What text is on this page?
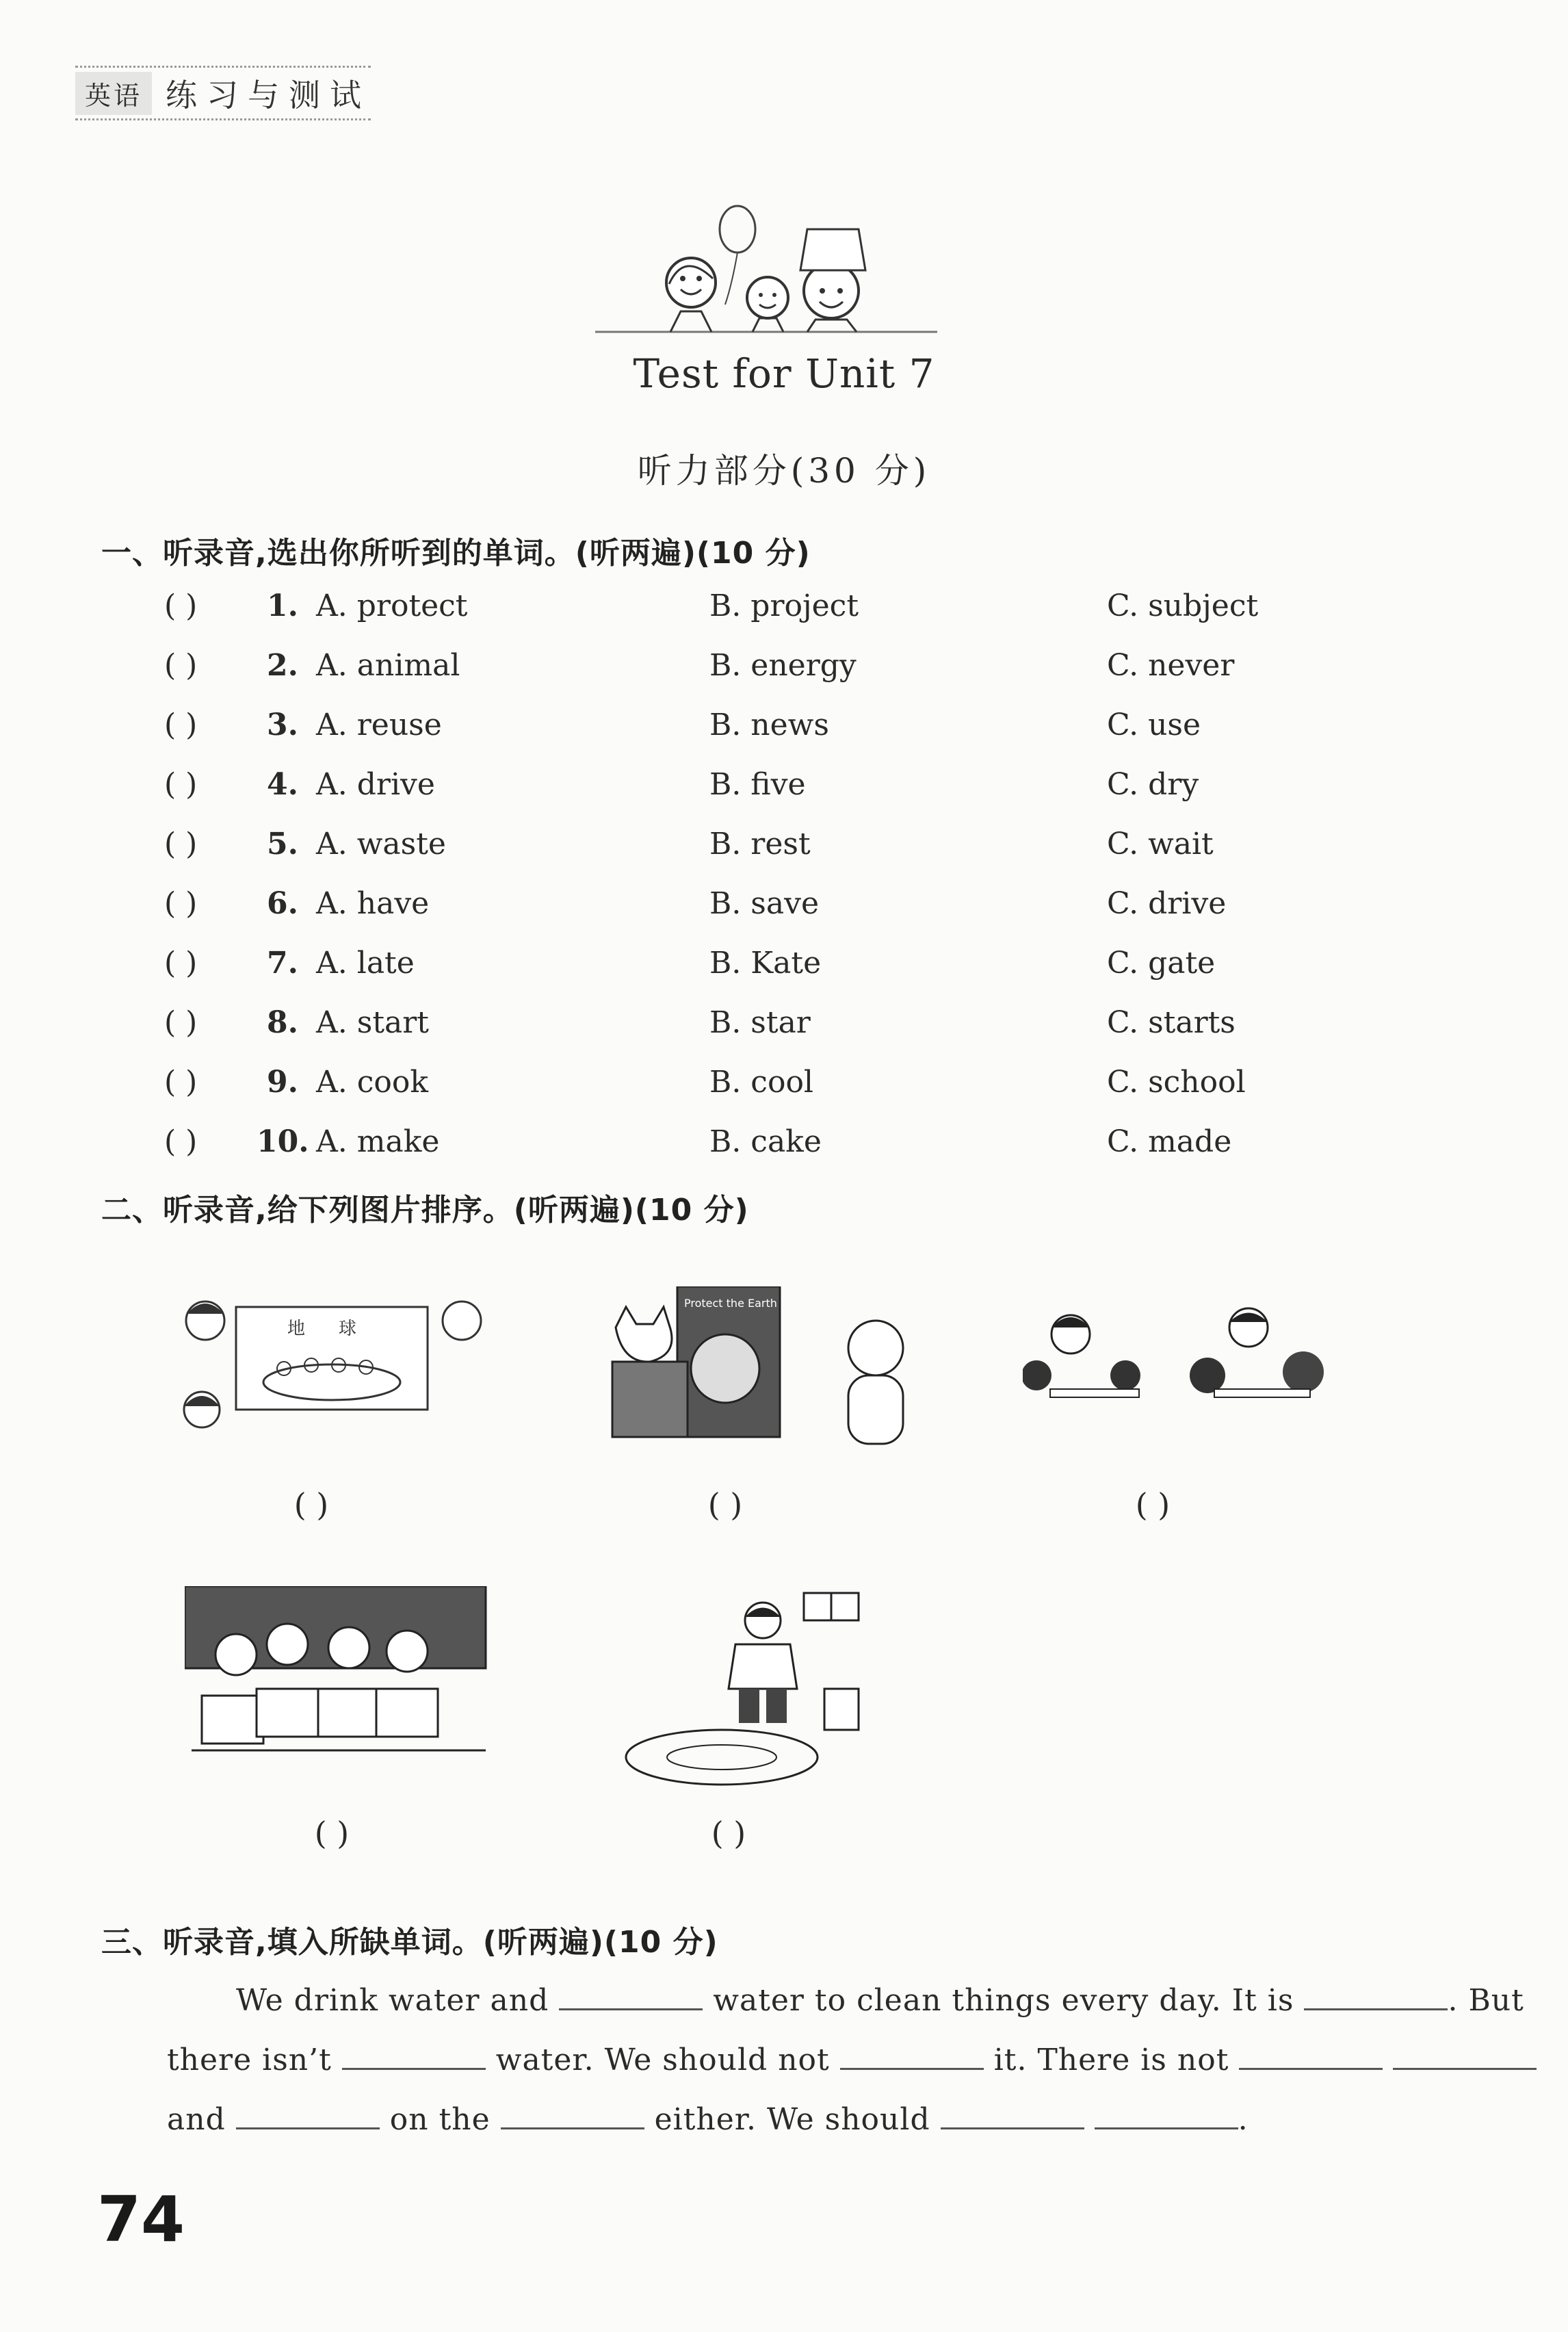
英语 练习与测试
Test for Unit 7
听力部分(30 分)
一、听录音,选出你所听到的单词。(听两遍)(10 分)
( ) 1. A. protect	B. project	C. subject
( ) 2. A. animal	B. energy	C. never
( ) 3. A. reuse	B. news	C. use
( ) 4. A. drive	B. five	C. dry
( ) 5. A. waste	B. rest	C. wait
( ) 6. A. have	B. save	C. drive
( ) 7. A. late	B. Kate	C. gate
( ) 8. A. start	B. star	C. starts
( ) 9. A. cook	B. cool	C. school
( ) 10. A. make	B. cake	C. made
二、听录音,给下列图片排序。(听两遍)(10 分)
地 球
( )
Protect the Earth
( )	( )
( )	( )
三、听录音,填入所缺单词。(听两遍)(10 分)
We drink water and	water to clean things every day. It is	. But
there isn’t	water. We should not	it. There is not
and	on the	either. We should	.
74
